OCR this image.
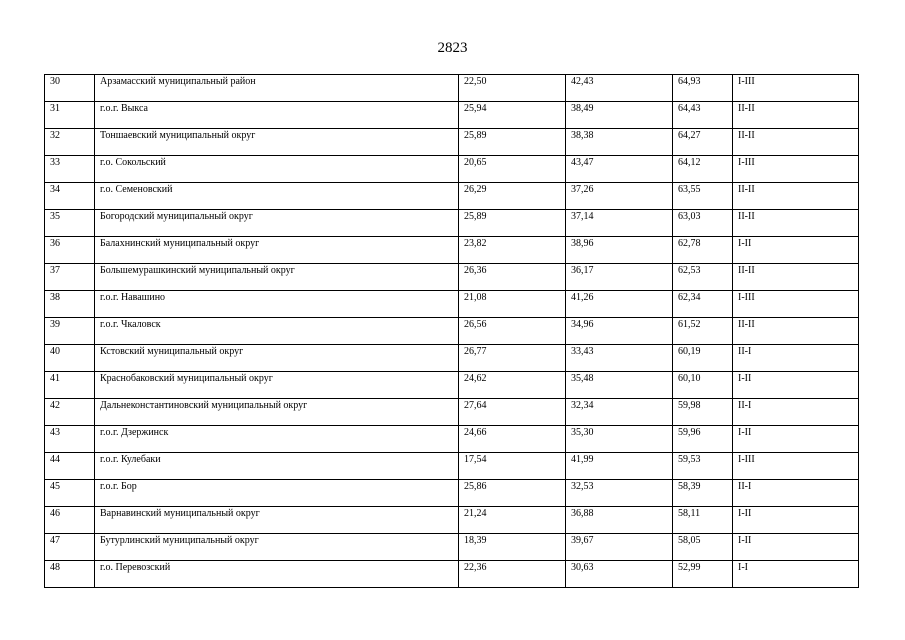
2823
30	Арзамасский муниципальный район	22,50	42,43	64,93	I-III
31	г.о.г. Выкса	25,94	38,49	64,43	II-II
32	Тоншаевский муниципальный округ	25,89	38,38	64,27	II-II
33	г.о. Сокольский	20,65	43,47	64,12	I-III
34	г.о. Семеновский	26,29	37,26	63,55	II-II
35	Богородский муниципальный округ	25,89	37,14	63,03	II-II
36	Балахнинский муниципальный округ	23,82	38,96	62,78	I-II
37	Большемурашкинский муниципальный округ	26,36	36,17	62,53	II-II
38	г.о.г. Навашино	21,08	41,26	62,34	I-III
39	г.о.г. Чкаловск	26,56	34,96	61,52	II-II
40	Кстовский муниципальный округ	26,77	33,43	60,19	II-I
41	Краснобаковский муниципальный округ	24,62	35,48	60,10	I-II
42	Дальнеконстантиновский муниципальный округ	27,64	32,34	59,98	II-I
43	г.о.г. Дзержинск	24,66	35,30	59,96	I-II
44	г.о.г. Кулебаки	17,54	41,99	59,53	I-III
45	г.о.г. Бор	25,86	32,53	58,39	II-I
46	Варнавинский муниципальный округ	21,24	36,88	58,11	I-II
47	Бутурлинский муниципальный округ	18,39	39,67	58,05	I-II
48	г.о. Перевозский	22,36	30,63	52,99	I-I
